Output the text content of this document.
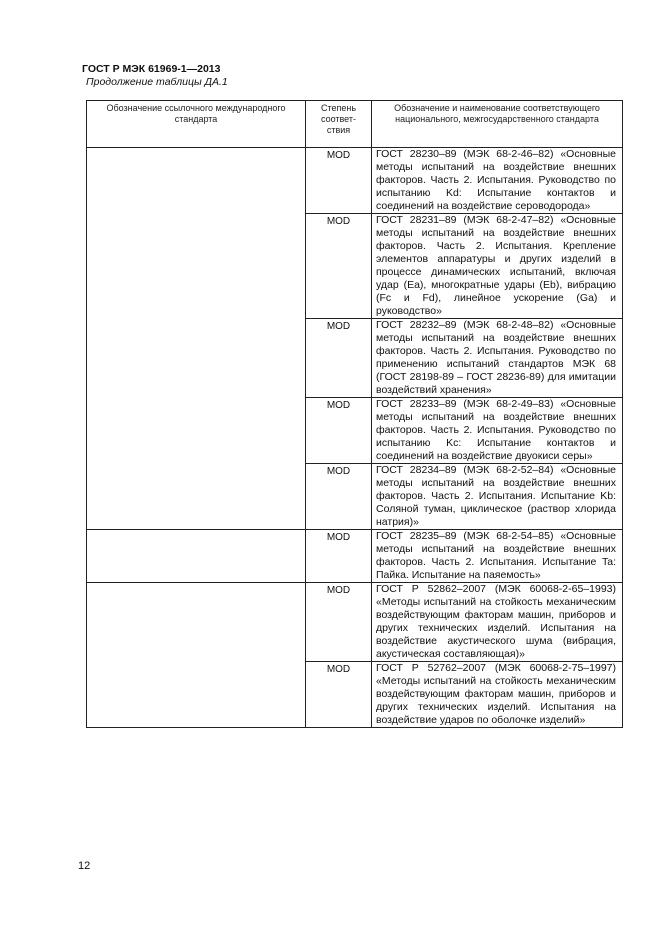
ГОСТ Р МЭК 61969-1—2013
Продолжение таблицы ДА.1
Обозначение ссылочного международного стандарта	Степень соответ-ствия	Обозначение и наименование соответствующего национального, межгосударственного стандарта
	MOD	ГОСТ 28230–89 (МЭК 68-2-46–82) «Основные методы испытаний на воздействие внешних факторов. Часть 2. Испытания. Руководство по испытанию Kd: Испытание контактов и соединений на воздействие сероводорода»
	MOD	ГОСТ 28231–89 (МЭК 68-2-47–82) «Основные методы испытаний на воздействие внешних факторов. Часть 2. Испытания. Крепление элементов аппаратуры и других изделий в процессе динамических испытаний, включая удар (Ea), многократные удары (Eb), вибрацию (Fc и Fd), линейное ускорение (Ga) и руководство»
	MOD	ГОСТ 28232–89 (МЭК 68-2-48–82) «Основные методы испытаний на воздействие внешних факторов. Часть 2. Испытания. Руководство по применению испытаний стандартов МЭК 68 (ГОСТ 28198-89 – ГОСТ 28236-89) для имитации воздействий хранения»
	MOD	ГОСТ 28233–89 (МЭК 68-2-49–83) «Основные методы испытаний на воздействие внешних факторов. Часть 2. Испытания. Руководство по испытанию Kc: Испытание контактов и соединений на воздействие двуокиси серы»
	MOD	ГОСТ 28234–89 (МЭК 68-2-52–84) «Основные методы испытаний на воздействие внешних факторов. Часть 2. Испытания. Испытание Kb: Соляной туман, циклическое (раствор хлорида натрия)»
	MOD	ГОСТ 28235–89 (МЭК 68-2-54–85) «Основные методы испытаний на воздействие внешних факторов. Часть 2. Испытания. Испытание Ta: Пайка. Испытание на паяемость»
	MOD	ГОСТ Р 52862–2007 (МЭК 60068-2-65–1993) «Методы испытаний на стойкость механическим воздействующим факторам машин, приборов и других технических изделий. Испытания на воздействие акустического шума (вибрация, акустическая составляющая)»
	MOD	ГОСТ Р 52762–2007 (МЭК 60068-2-75–1997) «Методы испытаний на стойкость механическим воздействующим факторам машин, приборов и других технических изделий. Испытания на воздействие ударов по оболочке изделий»
12
